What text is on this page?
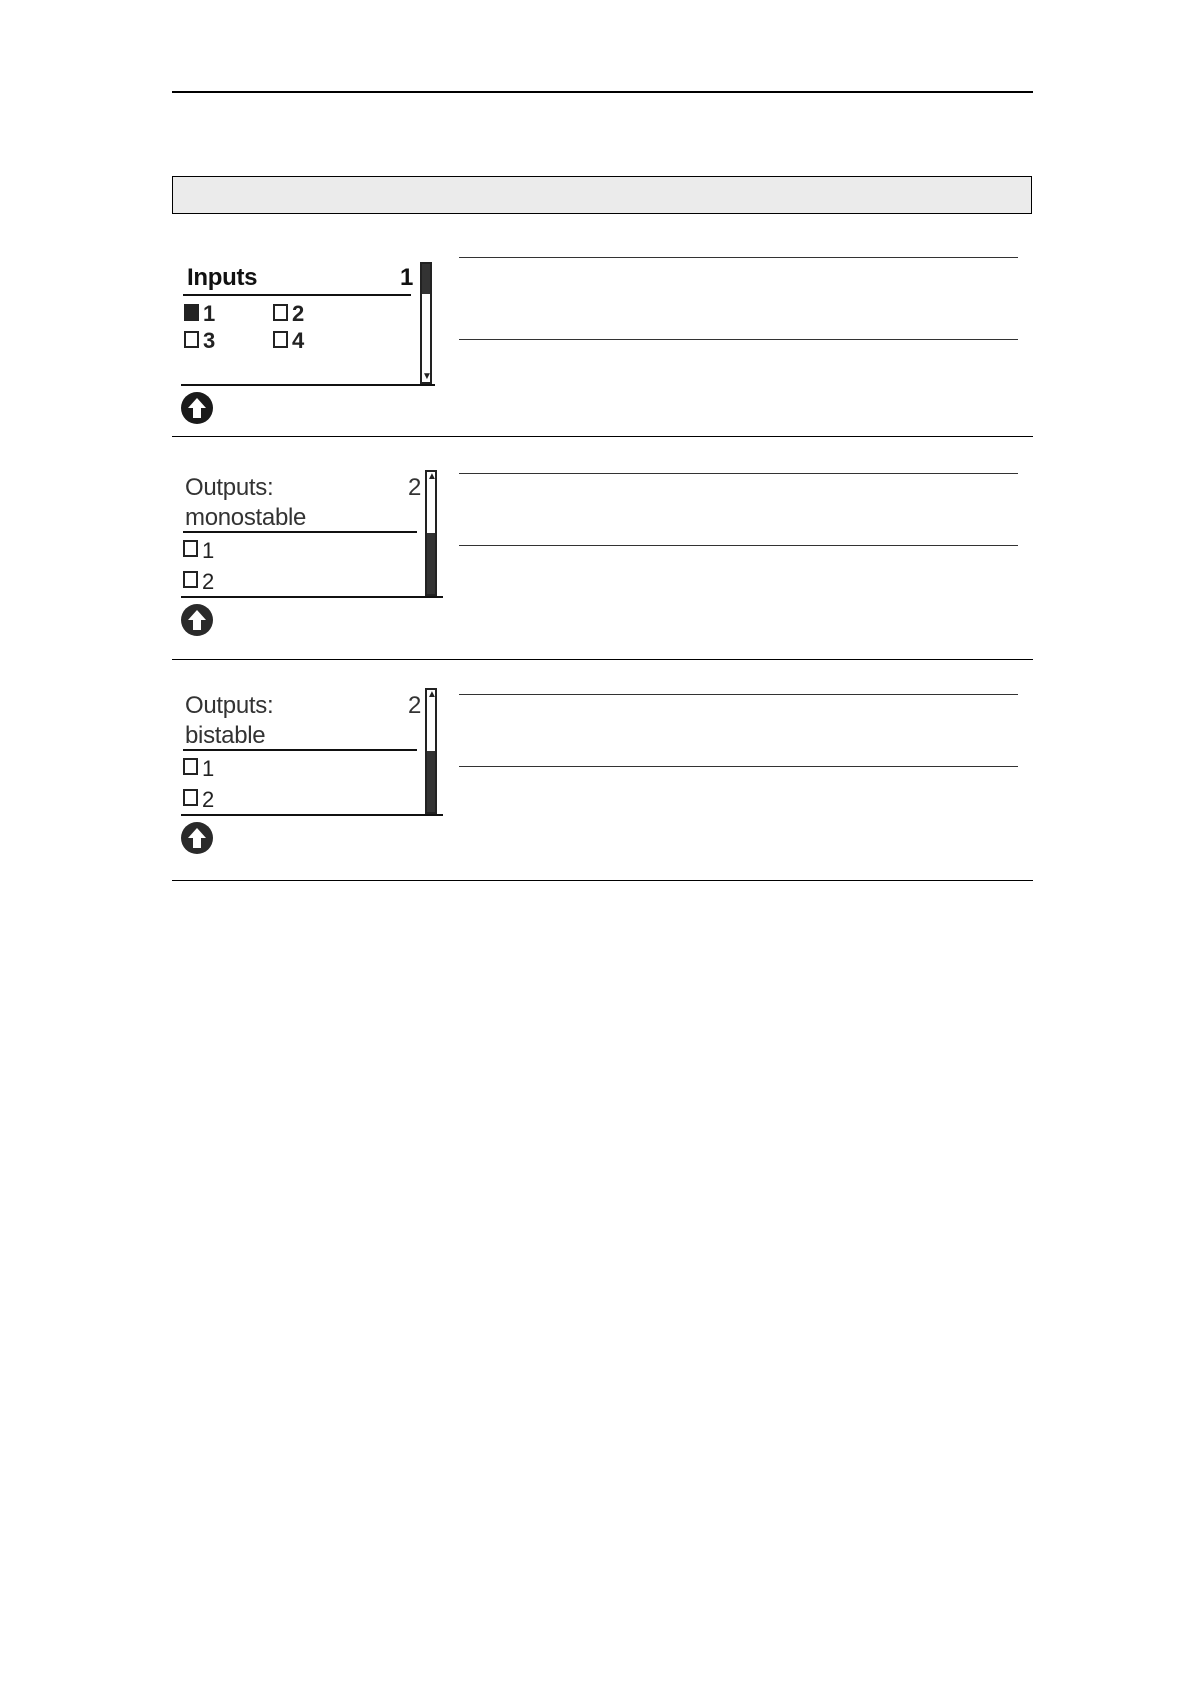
Inputs	1
1	2
3	4
▼
Outputs:	2
monostable
1
2
▲
Outputs:	2
bistable
1
2
▲
